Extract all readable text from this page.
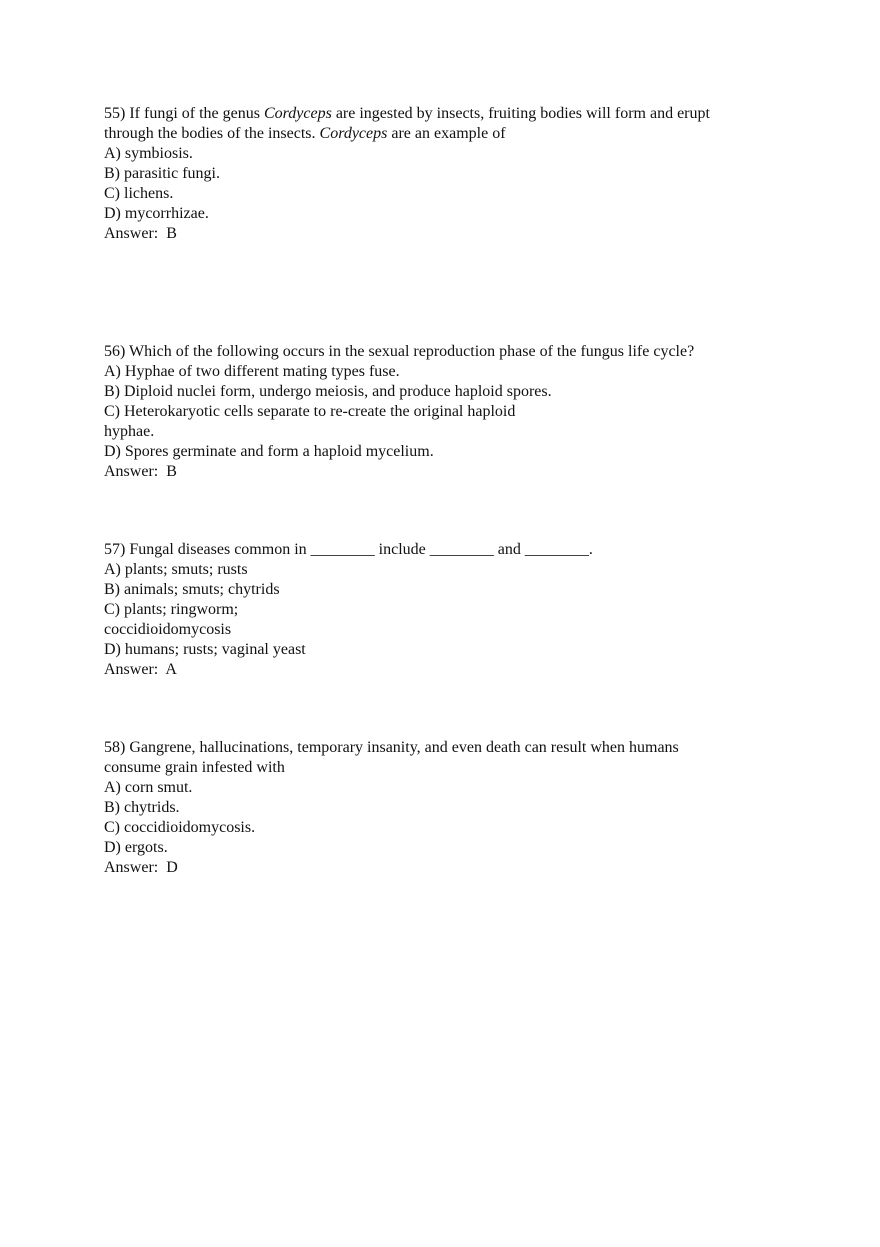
55) If fungi of the genus Cordyceps are ingested by insects, fruiting bodies will form and erupt
through the bodies of the insects. Cordyceps are an example of
A) symbiosis.
B) parasitic fungi.
C) lichens.
D) mycorrhizae.
Answer:  B
56) Which of the following occurs in the sexual reproduction phase of the fungus life cycle?
A) Hyphae of two different mating types fuse.
B) Diploid nuclei form, undergo meiosis, and produce haploid spores.
C) Heterokaryotic cells separate to re-create the original haploid
hyphae.
D) Spores germinate and form a haploid mycelium.
Answer:  B
57) Fungal diseases common in ________ include ________ and ________.
A) plants; smuts; rusts
B) animals; smuts; chytrids
C) plants; ringworm;
coccidioidomycosis
D) humans; rusts; vaginal yeast
Answer:  A
58) Gangrene, hallucinations, temporary insanity, and even death can result when humans
consume grain infested with
A) corn smut.
B) chytrids.
C) coccidioidomycosis.
D) ergots.
Answer:  D
